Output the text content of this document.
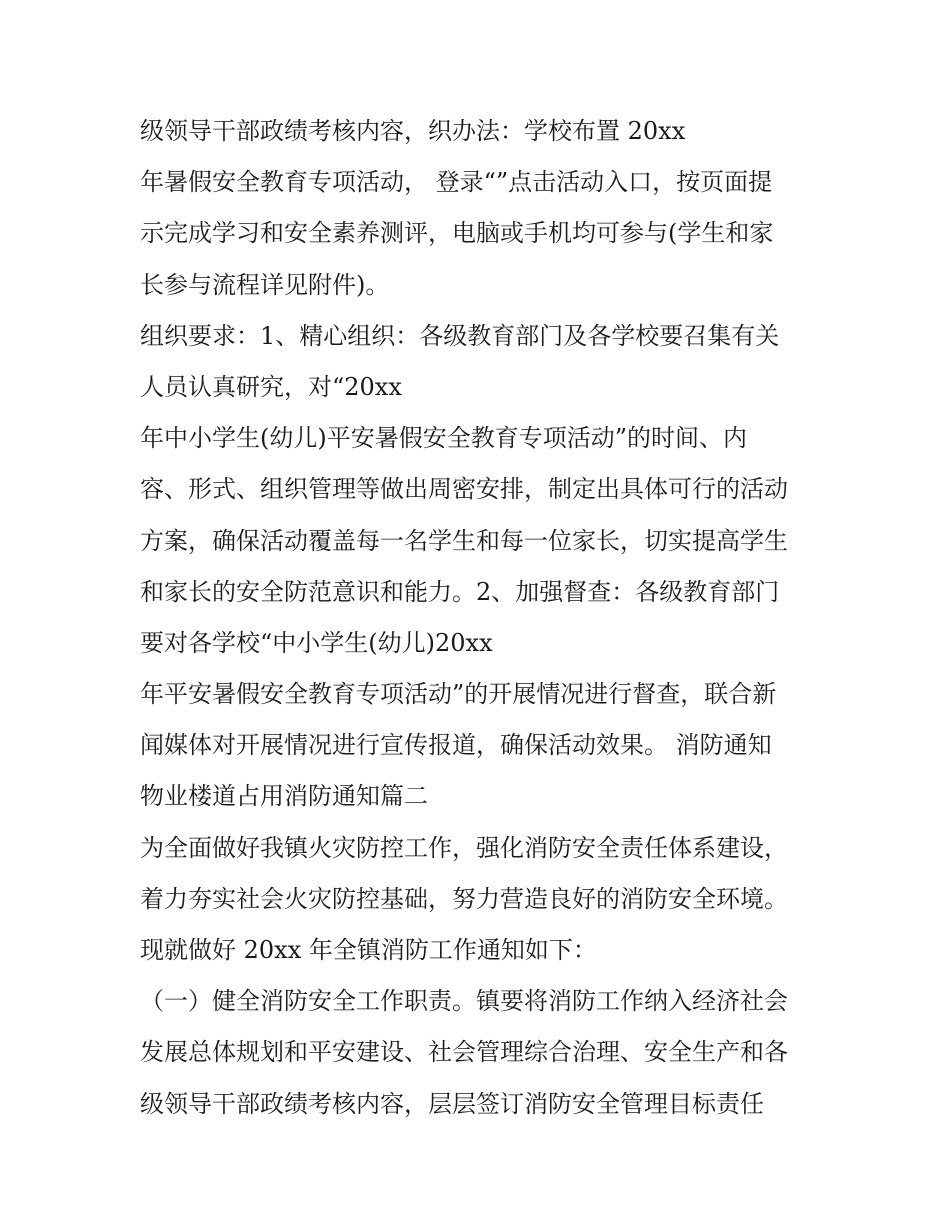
级领导干部政绩考核内容，织办法：学校布置 20xx
年暑假安全教育专项活动， 登录“”点击活动入口，按页面提
示完成学习和安全素养测评，电脑或手机均可参与(学生和家
长参与流程详见附件)。
组织要求：1、精心组织：各级教育部门及各学校要召集有关
人员认真研究，对“20xx
年中小学生(幼儿)平安暑假安全教育专项活动”的时间、内
容、形式、组织管理等做出周密安排，制定出具体可行的活动
方案，确保活动覆盖每一名学生和每一位家长，切实提高学生
和家长的安全防范意识和能力。2、加强督查：各级教育部门
要对各学校“中小学生(幼儿)20xx
年平安暑假安全教育专项活动”的开展情况进行督查，联合新
闻媒体对开展情况进行宣传报道，确保活动效果。 消防通知
物业楼道占用消防通知篇二
为全面做好我镇火灾防控工作，强化消防安全责任体系建设，
着力夯实社会火灾防控基础，努力营造良好的消防安全环境。
现就做好 20xx 年全镇消防工作通知如下：
（一）健全消防安全工作职责。镇要将消防工作纳入经济社会
发展总体规划和平安建设、社会管理综合治理、安全生产和各
级领导干部政绩考核内容，层层签订消防安全管理目标责任
